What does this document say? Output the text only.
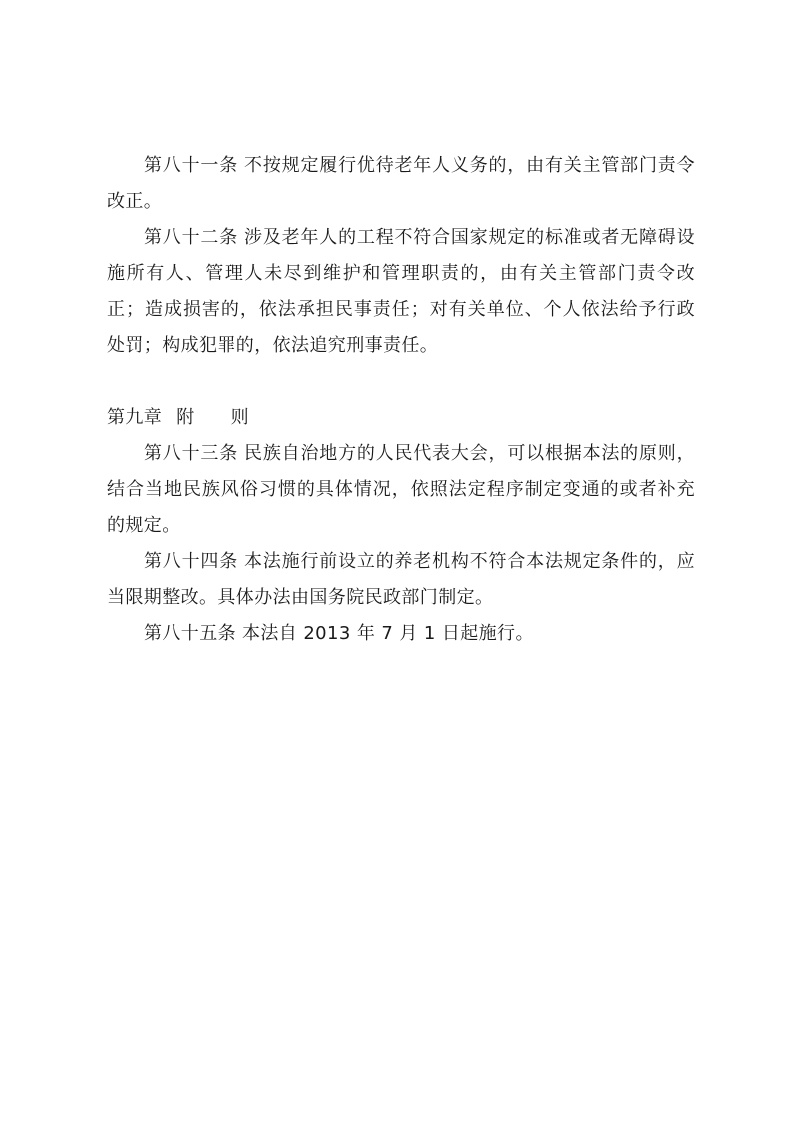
第八十一条 不按规定履行优待老年人义务的，由有关主管部门责令改正。

第八十二条 涉及老年人的工程不符合国家规定的标准或者无障碍设施所有人、管理人未尽到维护和管理职责的，由有关主管部门责令改正；造成损害的，依法承担民事责任；对有关单位、个人依法给予行政处罚；构成犯罪的，依法追究刑事责任。

第九章 附 则

第八十三条 民族自治地方的人民代表大会，可以根据本法的原则，结合当地民族风俗习惯的具体情况，依照法定程序制定变通的或者补充的规定。

第八十四条 本法施行前设立的养老机构不符合本法规定条件的，应当限期整改。具体办法由国务院民政部门制定。

第八十五条 本法自 2013 年 7 月 1 日起施行。
